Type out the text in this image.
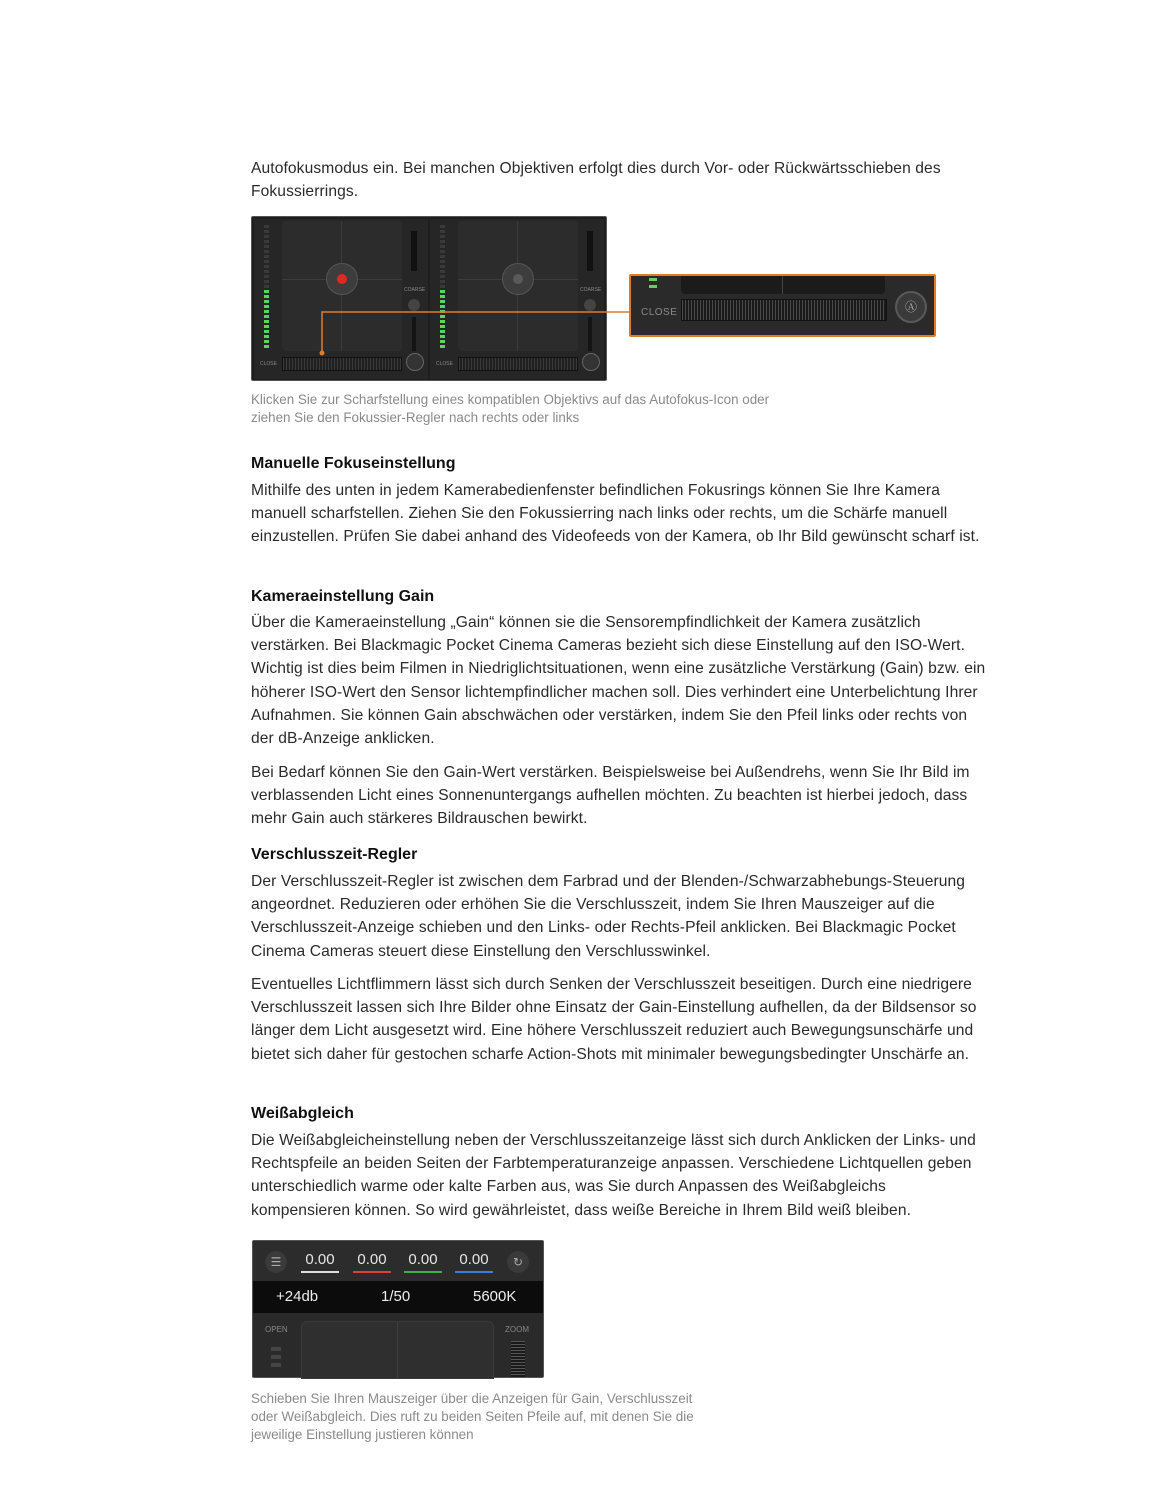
Autofokusmodus ein. Bei manchen Objektiven erfolgt dies durch Vor- oder Rückwärtsschieben des Fokussierrings.

COARSE
CLOSE
COARSE
CLOSE
CLOSE	Ⓐ

Klicken Sie zur Scharfstellung eines kompatiblen Objektivs auf das Autofokus-Icon oder ziehen Sie den Fokussier-Regler nach rechts oder links

Manuelle Fokuseinstellung

Mithilfe des unten in jedem Kamerabedienfenster befindlichen Fokusrings können Sie Ihre Kamera manuell scharfstellen. Ziehen Sie den Fokussierring nach links oder rechts, um die Schärfe manuell einzustellen. Prüfen Sie dabei anhand des Videofeeds von der Kamera, ob Ihr Bild gewünscht scharf ist.

Kameraeinstellung Gain

Über die Kameraeinstellung „Gain“ können sie die Sensorempfindlichkeit der Kamera zusätzlich verstärken. Bei Blackmagic Pocket Cinema Cameras bezieht sich diese Einstellung auf den ISO-Wert. Wichtig ist dies beim Filmen in Niedriglichtsituationen, wenn eine zusätzliche Verstärkung (Gain) bzw. ein höherer ISO-Wert den Sensor lichtempfindlicher machen soll. Dies verhindert eine Unterbelichtung Ihrer Aufnahmen. Sie können Gain abschwächen oder verstärken, indem Sie den Pfeil links oder rechts von der dB-Anzeige anklicken.

Bei Bedarf können Sie den Gain-Wert verstärken. Beispielsweise bei Außendrehs, wenn Sie Ihr Bild im verblassenden Licht eines Sonnenuntergangs aufhellen möchten. Zu beachten ist hierbei jedoch, dass mehr Gain auch stärkeres Bildrauschen bewirkt.

Verschlusszeit-Regler

Der Verschlusszeit-Regler ist zwischen dem Farbrad und der Blenden-/Schwarzabhebungs-Steuerung angeordnet. Reduzieren oder erhöhen Sie die Verschlusszeit, indem Sie Ihren Mauszeiger auf die Verschlusszeit-Anzeige schieben und den Links- oder Rechts-Pfeil anklicken. Bei Blackmagic Pocket Cinema Cameras steuert diese Einstellung den Verschlusswinkel.

Eventuelles Lichtflimmern lässt sich durch Senken der Verschlusszeit beseitigen. Durch eine niedrigere Verschlusszeit lassen sich Ihre Bilder ohne Einsatz der Gain-Einstellung aufhellen, da der Bildsensor so länger dem Licht ausgesetzt wird. Eine höhere Verschlusszeit reduziert auch Bewegungsunschärfe und bietet sich daher für gestochen scharfe Action-Shots mit minimaler bewegungsbedingter Unschärfe an.

Weißabgleich

Die Weißabgleicheinstellung neben der Verschlusszeitanzeige lässt sich durch Anklicken der Links- und Rechtspfeile an beiden Seiten der Farbtemperaturanzeige anpassen. Verschiedene Lichtquellen geben unterschiedlich warme oder kalte Farben aus, was Sie durch Anpassen des Weißabgleichs kompensieren können. So wird gewährleistet, dass weiße Bereiche in Ihrem Bild weiß bleiben.

☰	0.00 0.00 0.00 0.00	↻
+24db	1/50	5600K
OPEN	ZOOM

Schieben Sie Ihren Mauszeiger über die Anzeigen für Gain, Verschlusszeit oder Weißabgleich. Dies ruft zu beiden Seiten Pfeile auf, mit denen Sie die jeweilige Einstellung justieren können
